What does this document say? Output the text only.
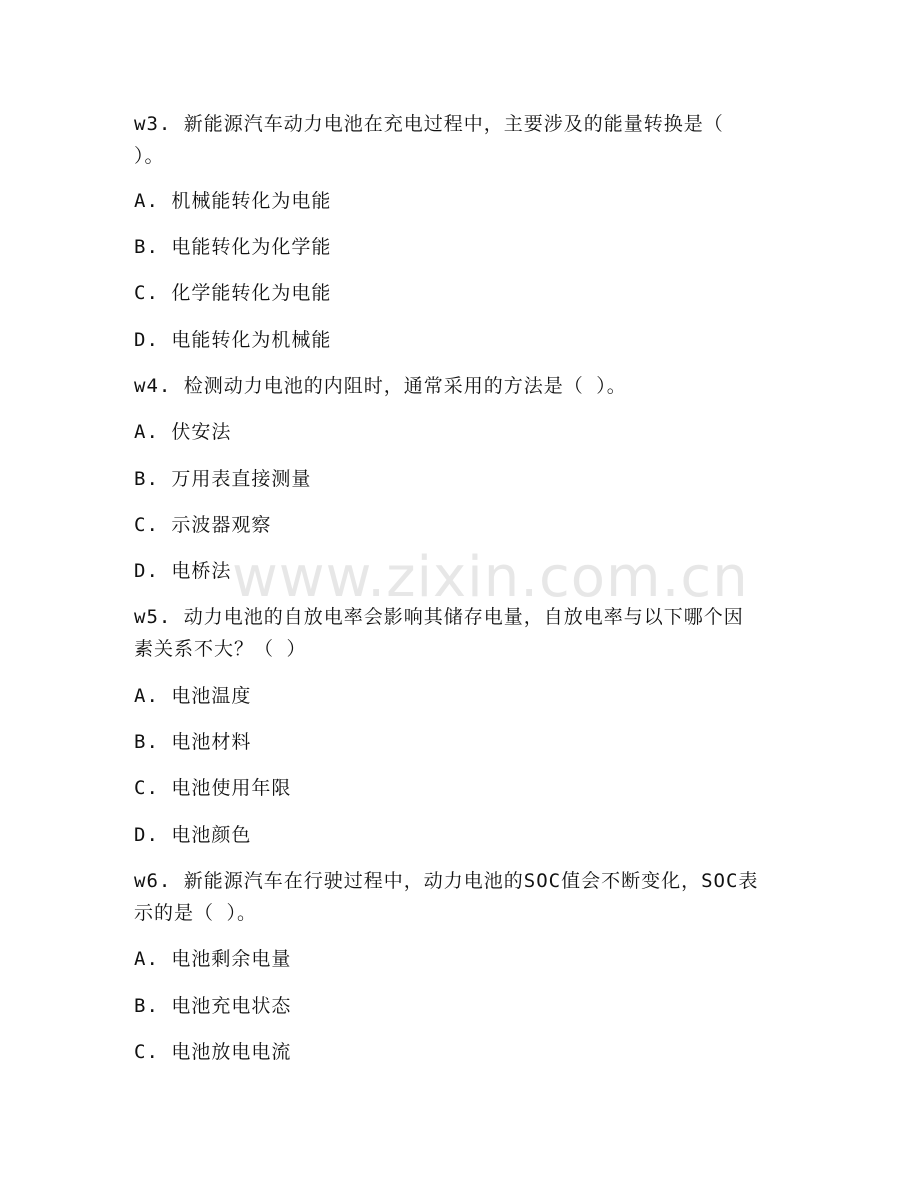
w3. 新能源汽车动力电池在充电过程中，主要涉及的能量转换是（
）。
A. 机械能转化为电能
B. 电能转化为化学能
C. 化学能转化为电能
D. 电能转化为机械能
w4. 检测动力电池的内阻时，通常采用的方法是（ ）。
A. 伏安法
B. 万用表直接测量
C. 示波器观察
D. 电桥法
w5. 动力电池的自放电率会影响其储存电量，自放电率与以下哪个因
素关系不大？（ ）
A. 电池温度
B. 电池材料
C. 电池使用年限
D. 电池颜色
w6. 新能源汽车在行驶过程中，动力电池的SOC值会不断变化，SOC表
示的是（ ）。
A. 电池剩余电量
B. 电池充电状态
C. 电池放电电流
www.zixin.com.cn
